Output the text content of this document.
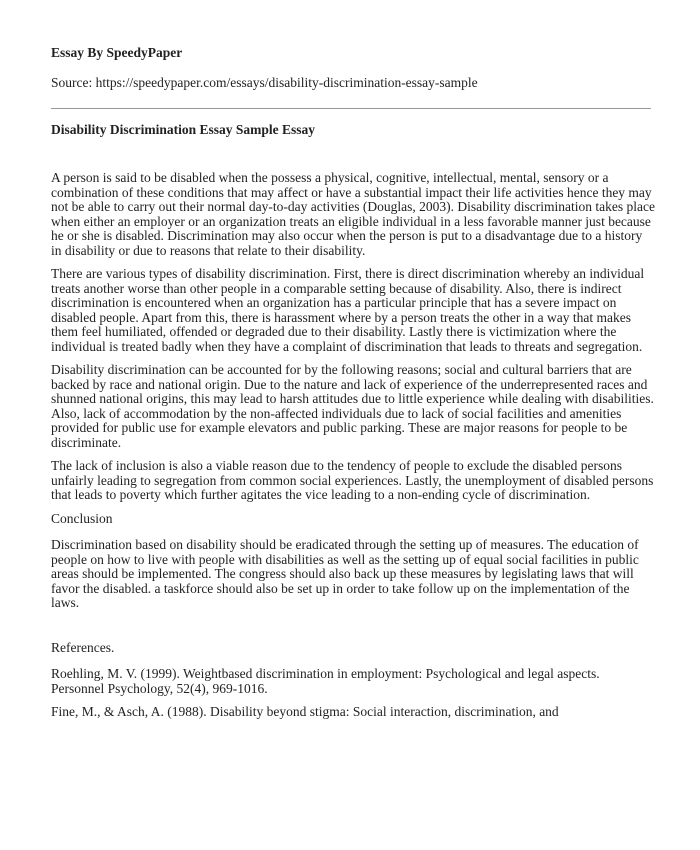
Essay By SpeedyPaper
Source: https://speedypaper.com/essays/disability-discrimination-essay-sample
Disability Discrimination Essay Sample Essay

A person is said to be disabled when the possess a physical, cognitive, intellectual, mental, sensory or a combination of these conditions that may affect or have a substantial impact their life activities hence they may not be able to carry out their normal day-to-day activities (Douglas, 2003). Disability discrimination takes place when either an employer or an organization treats an eligible individual in a less favorable manner just because he or she is disabled. Discrimination may also occur when the person is put to a disadvantage due to a history in disability or due to reasons that relate to their disability.

There are various types of disability discrimination. First, there is direct discrimination whereby an individual treats another worse than other people in a comparable setting because of disability. Also, there is indirect discrimination is encountered when an organization has a particular principle that has a severe impact on disabled people. Apart from this, there is harassment where by a person treats the other in a way that makes them feel humiliated, offended or degraded due to their disability. Lastly there is victimization where the individual is treated badly when they have a complaint of discrimination that leads to threats and segregation.

Disability discrimination can be accounted for by the following reasons; social and cultural barriers that are backed by race and national origin. Due to the nature and lack of experience of the underrepresented races and shunned national origins, this may lead to harsh attitudes due to little experience while dealing with disabilities. Also, lack of accommodation by the non-affected individuals due to lack of social facilities and amenities provided for public use for example elevators and public parking. These are major reasons for people to be discriminate.

The lack of inclusion is also a viable reason due to the tendency of people to exclude the disabled persons unfairly leading to segregation from common social experiences. Lastly, the unemployment of disabled persons that leads to poverty which further agitates the vice leading to a non-ending cycle of discrimination.

Conclusion

Discrimination based on disability should be eradicated through the setting up of measures. The education of people on how to live with people with disabilities as well as the setting up of equal social facilities in public areas should be implemented. The congress should also back up these measures by legislating laws that will favor the disabled. a taskforce should also be set up in order to take follow up on the implementation of the laws.

References.

Roehling, M. V. (1999). Weightbased discrimination in employment: Psychological and legal aspects. Personnel Psychology, 52(4), 969-1016.

Fine, M., & Asch, A. (1988). Disability beyond stigma: Social interaction, discrimination, and
